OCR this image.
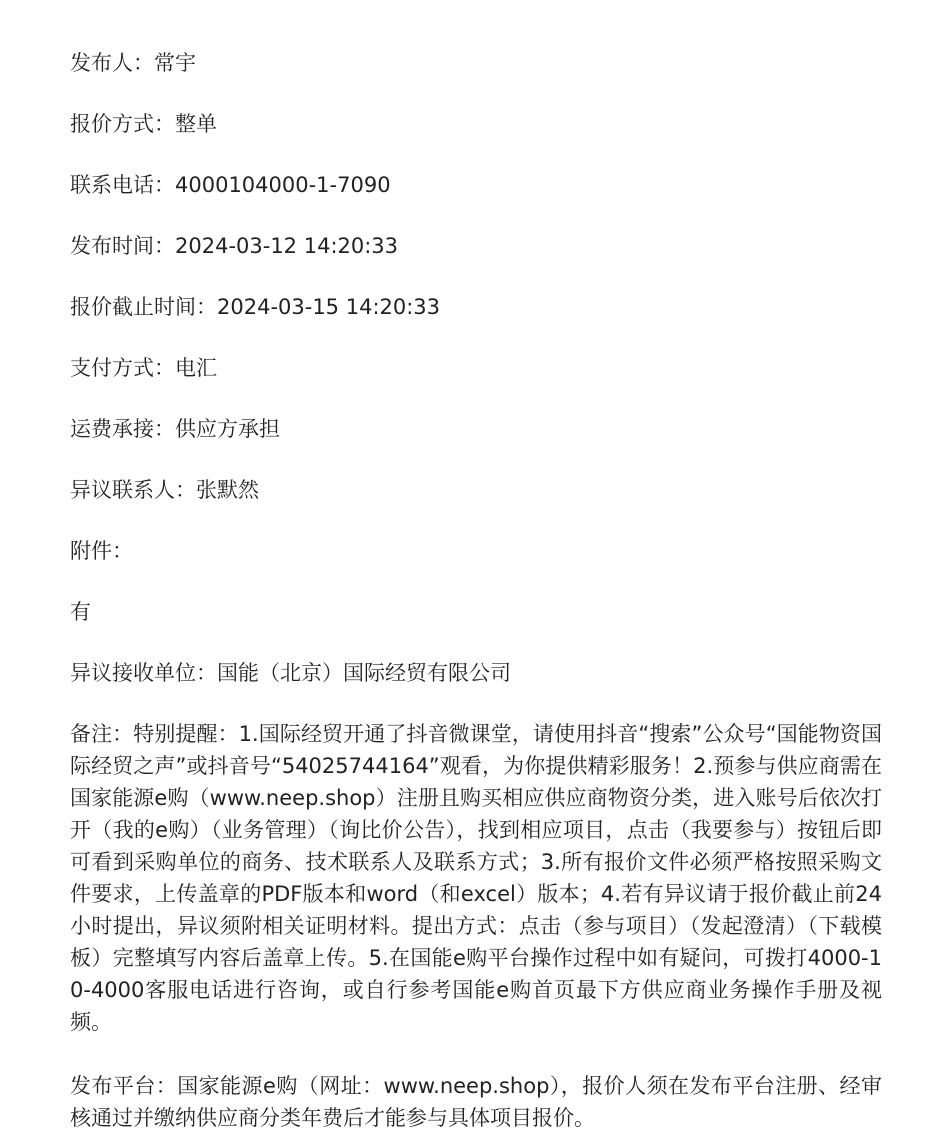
发布人：常宇

报价方式：整单

联系电话：4000104000-1-7090

发布时间：2024-03-12 14:20:33

报价截止时间：2024-03-15 14:20:33

支付方式：电汇

运费承接：供应方承担

异议联系人：张默然

附件：

有

异议接收单位：国能（北京）国际经贸有限公司

备注：特别提醒：1.国际经贸开通了抖音微课堂，请使用抖音“搜索”公众号“国能物资国际经贸之声”或抖音号“54025744164”观看，为你提供精彩服务！2.预参与供应商需在国家能源e购（www.neep.shop）注册且购买相应供应商物资分类，进入账号后依次打开（我的e购）（业务管理）（询比价公告），找到相应项目，点击（我要参与）按钮后即可看到采购单位的商务、技术联系人及联系方式；3.所有报价文件必须严格按照采购文件要求，上传盖章的PDF版本和word（和excel）版本；4.若有异议请于报价截止前24小时提出，异议须附相关证明材料。提出方式：点击（参与项目）（发起澄清）（下载模板）完整填写内容后盖章上传。5.在国能e购平台操作过程中如有疑问，可拨打4000-10-4000客服电话进行咨询，或自行参考国能e购首页最下方供应商业务操作手册及视频。

发布平台：国家能源e购（网址：www.neep.shop），报价人须在发布平台注册、经审核通过并缴纳供应商分类年费后才能参与具体项目报价。
